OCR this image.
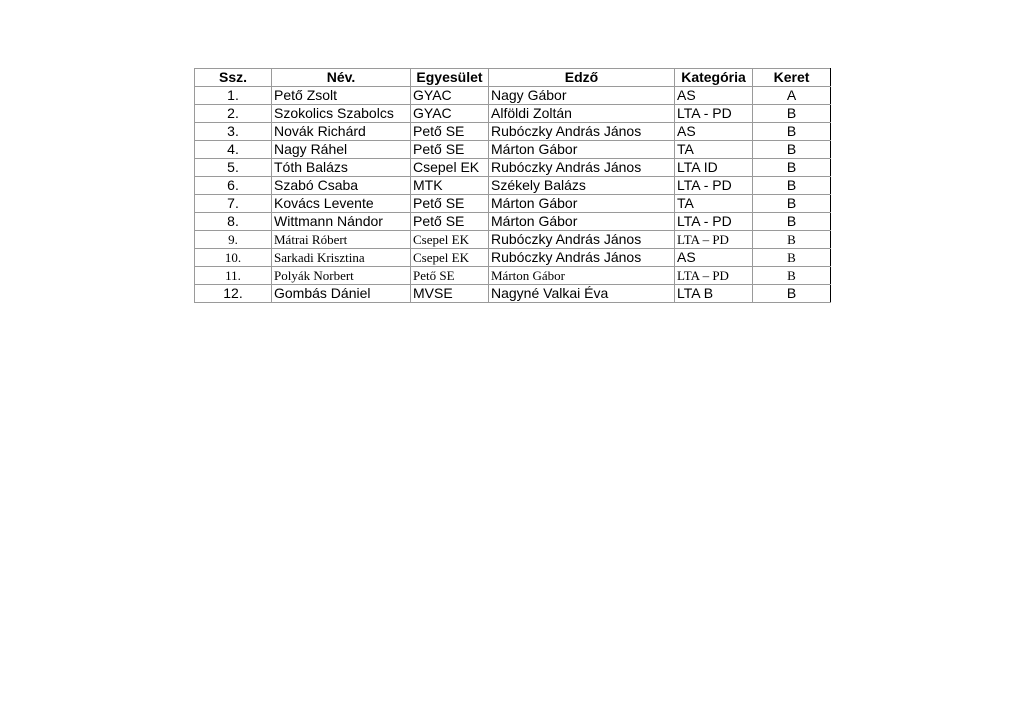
Ssz.	Név.	Egyesület	Edző	Kategória	Keret
1.	Pető Zsolt	GYAC	Nagy Gábor	AS	A
2.	Szokolics Szabolcs	GYAC	Alföldi Zoltán	LTA - PD	B
3.	Novák Richárd	Pető SE	Rubóczky András János	AS	B
4.	Nagy Ráhel	Pető SE	Márton Gábor	TA	B
5.	Tóth Balázs	Csepel EK	Rubóczky András János	LTA ID	B
6.	Szabó Csaba	MTK	Székely Balázs	LTA - PD	B
7.	Kovács Levente	Pető SE	Márton Gábor	TA	B
8.	Wittmann Nándor	Pető SE	Márton Gábor	LTA - PD	B
9.	Mátrai Róbert	Csepel EK	Rubóczky András János	LTA – PD	B
10.	Sarkadi Krisztina	Csepel EK	Rubóczky András János	AS	B
11.	Polyák Norbert	Pető SE	Márton Gábor	LTA – PD	B
12.	Gombás Dániel	MVSE	Nagyné Valkai Éva	LTA B	B
